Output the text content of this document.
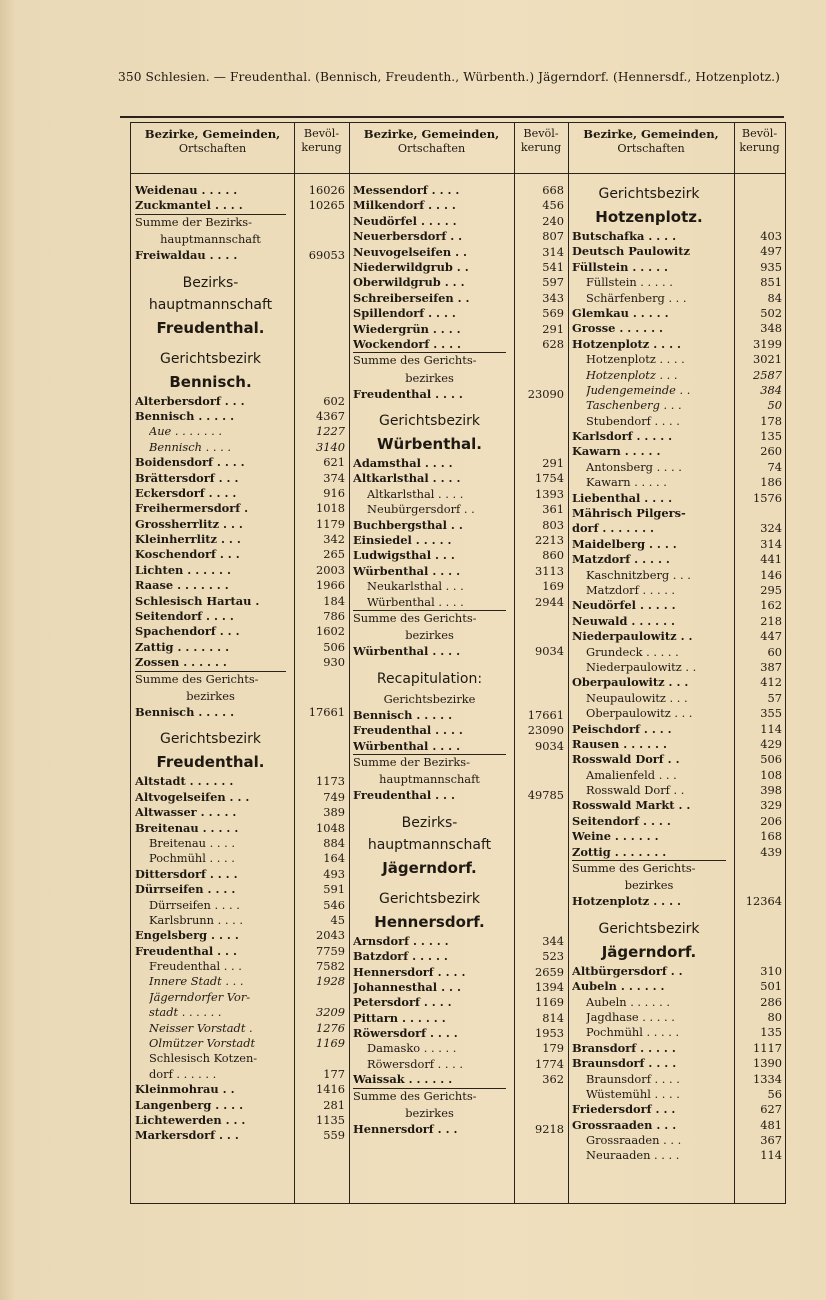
350 Schlesien. — Freudenthal. (Bennisch, Freudenth., Würbenth.) Jägerndorf. (Hennersdf., Hotzenplotz.)
Bezirke, Gemeinden,
Ortschaften
Bevöl-
kerung
Bezirke, Gemeinden,
Ortschaften
Bevöl-
kerung
Bezirke, Gemeinden,
Ortschaften
Bevöl-
kerung
Weidenau . . . . .	16026
Zuckmantel . . . .	10265
Summe der Bezirks-
hauptmannschaft
Freiwaldau . . . .	69053
Bezirks-
hauptmannschaft
Freudenthal.
Gerichtsbezirk
Bennisch.
Alterbersdorf . . .	602
Bennisch . . . . .	4367
Aue . . . . . . .	1227
Bennisch . . . .	3140
Boidensdorf . . . .	621
Brättersdorf . . .	374
Eckersdorf . . . .	916
Freihermersdorf .	1018
Grossherrlitz . . .	1179
Kleinherrlitz . . .	342
Koschendorf . . .	265
Lichten . . . . . .	2003
Raase . . . . . . .	1966
Schlesisch Hartau .	184
Seitendorf . . . .	786
Spachendorf . . .	1602
Zattig . . . . . . .	506
Zossen . . . . . .	930
Summe des Gerichts-
bezirkes
Bennisch . . . . .	17661
Gerichtsbezirk
Freudenthal.
Altstadt . . . . . .	1173
Altvogelseifen . . .	749
Altwasser . . . . .	389
Breitenau . . . . .	1048
Breitenau . . . .	884
Pochmühl . . . .	164
Dittersdorf . . . .	493
Dürrseifen . . . .	591
Dürrseifen . . . .	546
Karlsbrunn . . . .	45
Engelsberg . . . .	2043
Freudenthal . . .	7759
Freudenthal . . .	7582
Innere Stadt . . .	1928
Jägerndorfer Vor-
stadt . . . . . .	3209
Neisser Vorstadt .	1276
Olmützer Vorstadt	1169
Schlesisch Kotzen-
dorf . . . . . .	177
Kleinmohrau . .	1416
Langenberg . . . .	281
Lichtewerden . . .	1135
Markersdorf . . .	559
Messendorf . . . .	668
Milkendorf . . . .	456
Neudörfel . . . . .	240
Neuerbersdorf . .	807
Neuvogelseifen . .	314
Niederwildgrub . .	541
Oberwildgrub . . .	597
Schreiberseifen . .	343
Spillendorf . . . .	569
Wiedergrün . . . .	291
Wockendorf . . . .	628
Summe des Gerichts-
bezirkes
Freudenthal . . . .	23090
Gerichtsbezirk
Würbenthal.
Adamsthal . . . .	291
Altkarlsthal . . . .	1754
Altkarlsthal . . . .	1393
Neubürgersdorf . .	361
Buchbergsthal . .	803
Einsiedel . . . . .	2213
Ludwigsthal . . .	860
Würbenthal . . . .	3113
Neukarlsthal . . .	169
Würbenthal . . . .	2944
Summe des Gerichts-
bezirkes
Würbenthal . . . .	9034
Recapitulation:
Gerichtsbezirke
Bennisch . . . . .	17661
Freudenthal . . . .	23090
Würbenthal . . . .	9034
Summe der Bezirks-
hauptmannschaft
Freudenthal . . .	49785
Bezirks-
hauptmannschaft
Jägerndorf.
Gerichtsbezirk
Hennersdorf.
Arnsdorf . . . . .	344
Batzdorf . . . . .	523
Hennersdorf . . . .	2659
Johannesthal . . .	1394
Petersdorf . . . .	1169
Pittarn . . . . . .	814
Röwersdorf . . . .	1953
Damasko . . . . .	179
Röwersdorf . . . .	1774
Waissak . . . . . .	362
Summe des Gerichts-
bezirkes
Hennersdorf . . .	9218
Gerichtsbezirk
Hotzenplotz.
Butschafka . . . .	403
Deutsch Paulowitz	497
Füllstein . . . . .	935
Füllstein . . . . .	851
Schärfenberg . . .	84
Glemkau . . . . .	502
Grosse . . . . . .	348
Hotzenplotz . . . .	3199
Hotzenplotz . . . .	3021
Hotzenplotz . . .	2587
Judengemeinde . .	384
Taschenberg . . .	50
Stubendorf . . . .	178
Karlsdorf . . . . .	135
Kawarn . . . . .	260
Antonsberg . . . .	74
Kawarn . . . . .	186
Liebenthal . . . .	1576
Mährisch Pilgers-
dorf . . . . . . .	324
Maidelberg . . . .	314
Matzdorf . . . . .	441
Kaschnitzberg . . .	146
Matzdorf . . . . .	295
Neudörfel . . . . .	162
Neuwald . . . . . .	218
Niederpaulowitz . .	447
Grundeck . . . . .	60
Niederpaulowitz . .	387
Oberpaulowitz . . .	412
Neupaulowitz . . .	57
Oberpaulowitz . . .	355
Peischdorf . . . .	114
Rausen . . . . . .	429
Rosswald Dorf . .	506
Amalienfeld . . .	108
Rosswald Dorf . .	398
Rosswald Markt . .	329
Seitendorf . . . .	206
Weine . . . . . .	168
Zottig . . . . . . .	439
Summe des Gerichts-
bezirkes
Hotzenplotz . . . .	12364
Gerichtsbezirk
Jägerndorf.
Altbürgersdorf . .	310
Aubeln . . . . . .	501
Aubeln . . . . . .	286
Jagdhase . . . . .	80
Pochmühl . . . . .	135
Bransdorf . . . . .	1117
Braunsdorf . . . .	1390
Braunsdorf . . . .	1334
Wüstemühl . . . .	56
Friedersdorf . . .	627
Grossraaden . . .	481
Grossraaden . . .	367
Neuraaden . . . .	114
